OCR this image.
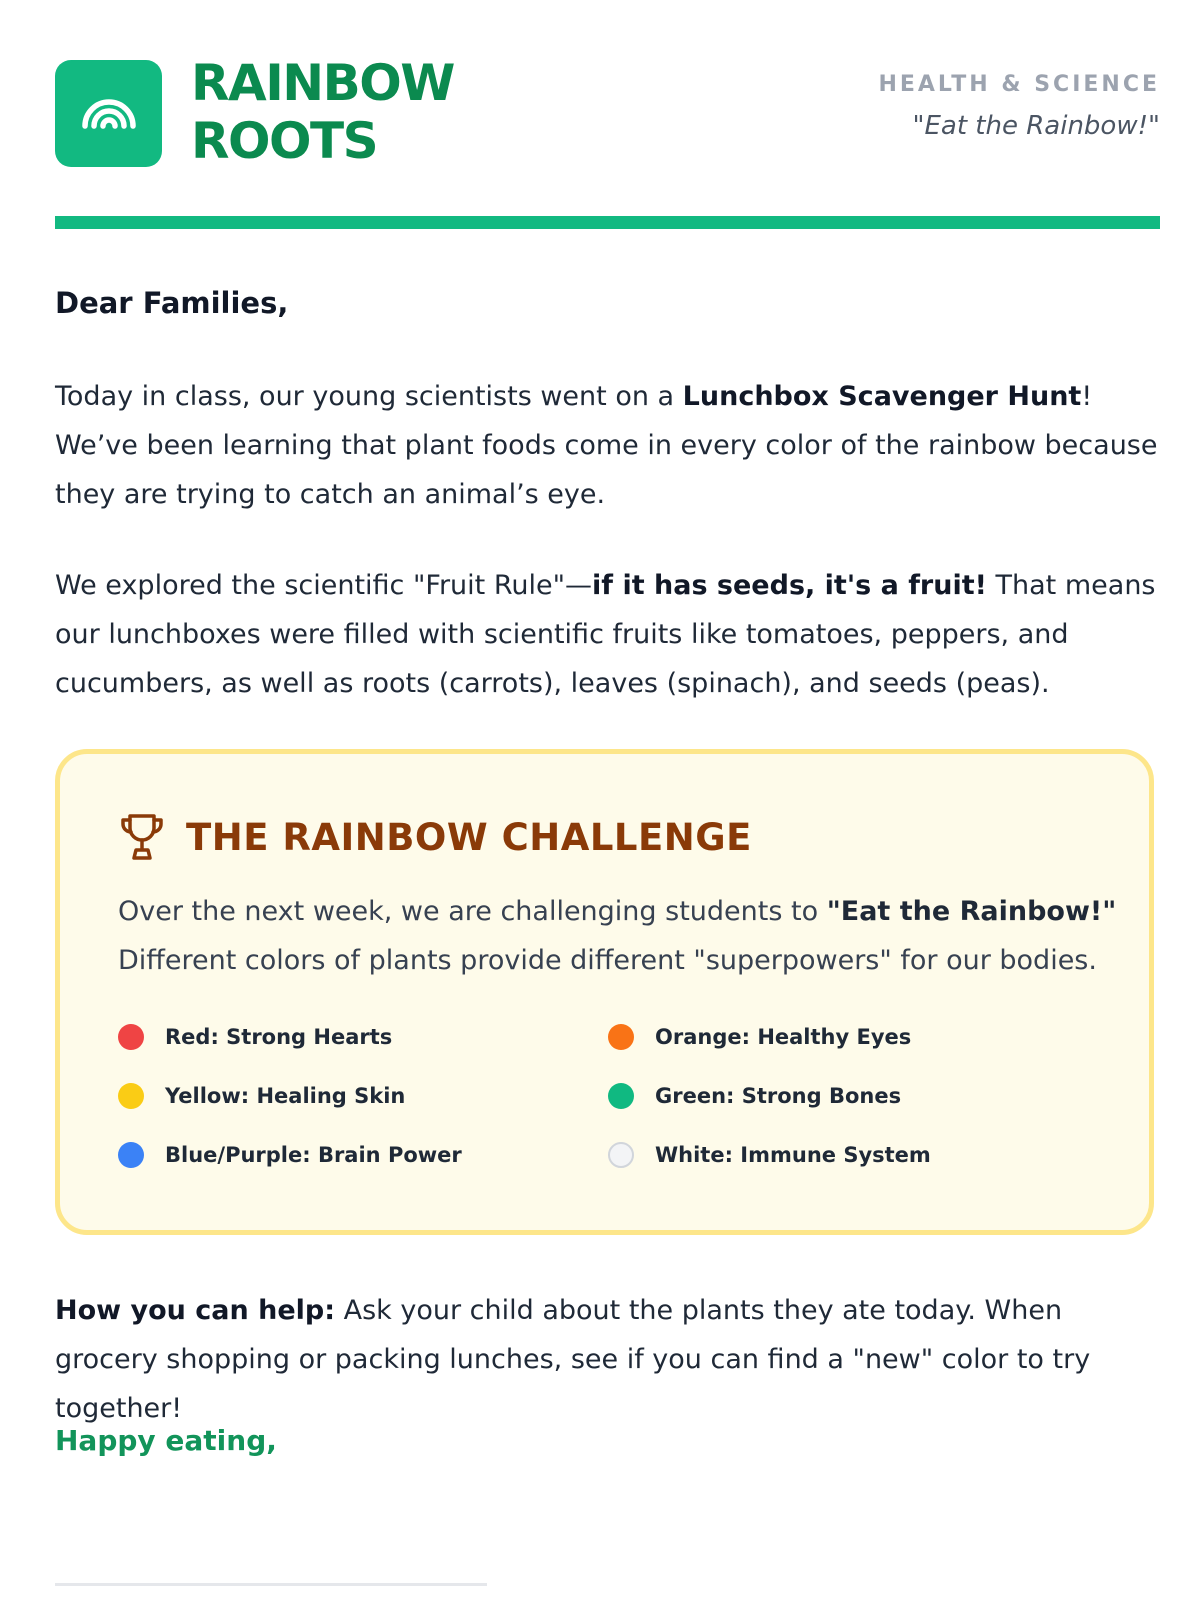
RAINBOW
ROOTS
HEALTH & SCIENCE
"Eat the Rainbow!"
Dear Families,
Today in class, our young scientists went on a Lunchbox Scavenger Hunt! We’ve been learning that plant foods come in every color of the rainbow because they are trying to catch an animal’s eye.
We explored the scientific "Fruit Rule"—if it has seeds, it's a fruit! That means our lunchboxes were filled with scientific fruits like tomatoes, peppers, and cucumbers, as well as roots (carrots), leaves (spinach), and seeds (peas).
THE RAINBOW CHALLENGE
Over the next week, we are challenging students to "Eat the Rainbow!" Different colors of plants provide different "superpowers" for our bodies.
Red: Strong Hearts	Orange: Healthy Eyes
Yellow: Healing Skin	Green: Strong Bones
Blue/Purple: Brain Power	White: Immune System
How you can help: Ask your child about the plants they ate today. When grocery shopping or packing lunches, see if you can find a "new" color to try together!
Happy eating,
